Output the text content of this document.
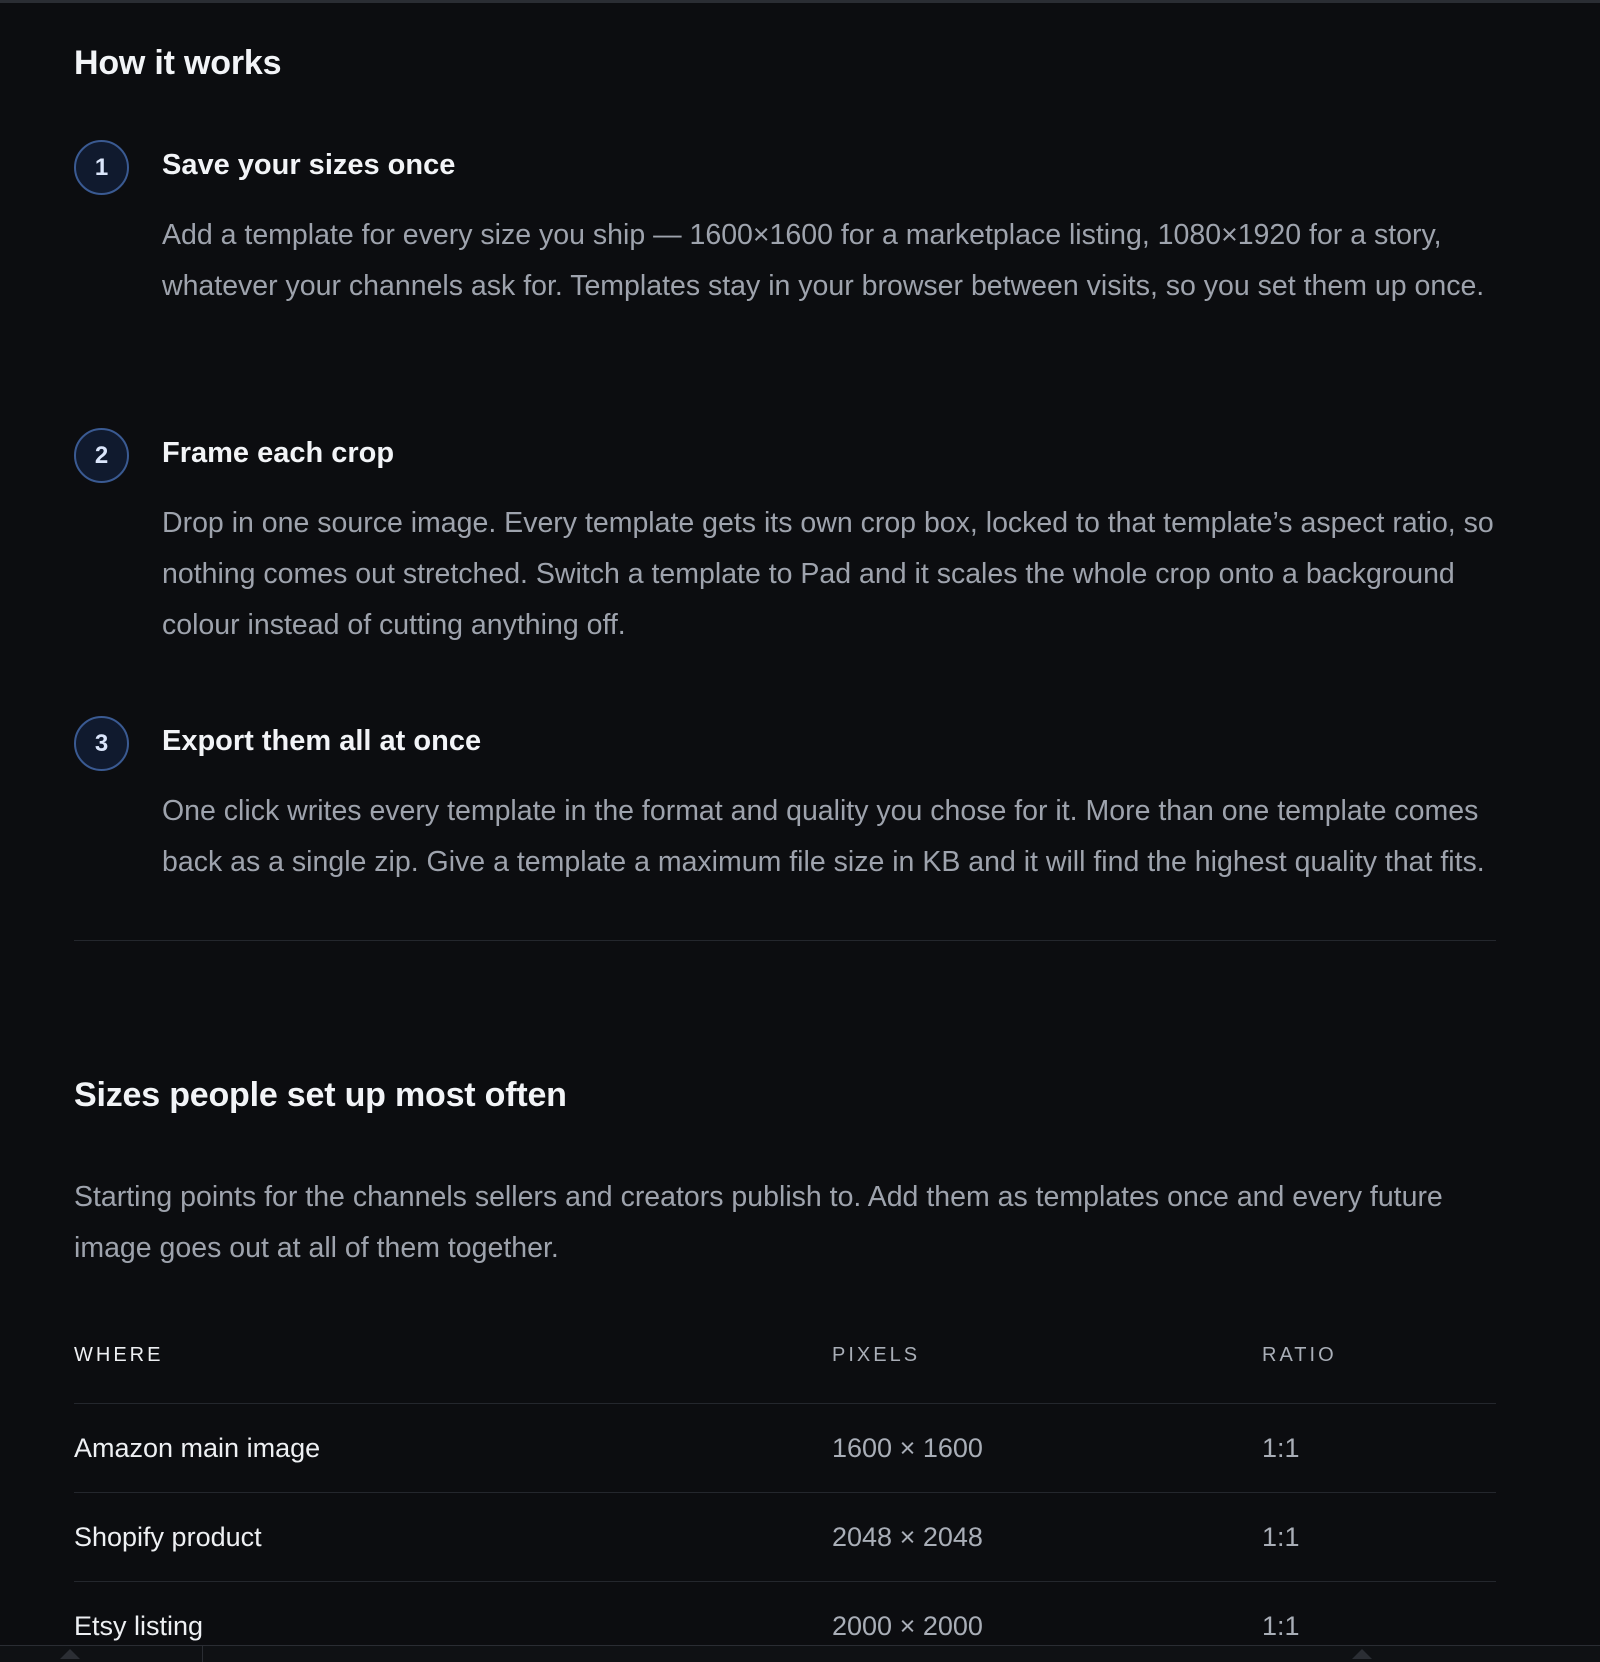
How it works
1	Save your sizes once

Add a template for every size you ship — 1600×1600 for a marketplace listing, 1080×1920 for a story, whatever your channels ask for. Templates stay in your browser between visits, so you set them up once.

2	Frame each crop

Drop in one source image. Every template gets its own crop box, locked to that template’s aspect ratio, so nothing comes out stretched. Switch a template to Pad and it scales the whole crop onto a background colour instead of cutting anything off.

3	Export them all at once

One click writes every template in the format and quality you chose for it. More than one template comes back as a single zip. Give a template a maximum file size in KB and it will find the highest quality that fits.

Sizes people set up most often

Starting points for the channels sellers and creators publish to. Add them as templates once and every future image goes out at all of them together.

WHERE	PIXELS	RATIO
Amazon main image	1600 × 1600	1:1
Shopify product	2048 × 2048	1:1
Etsy listing	2000 × 2000	1:1
